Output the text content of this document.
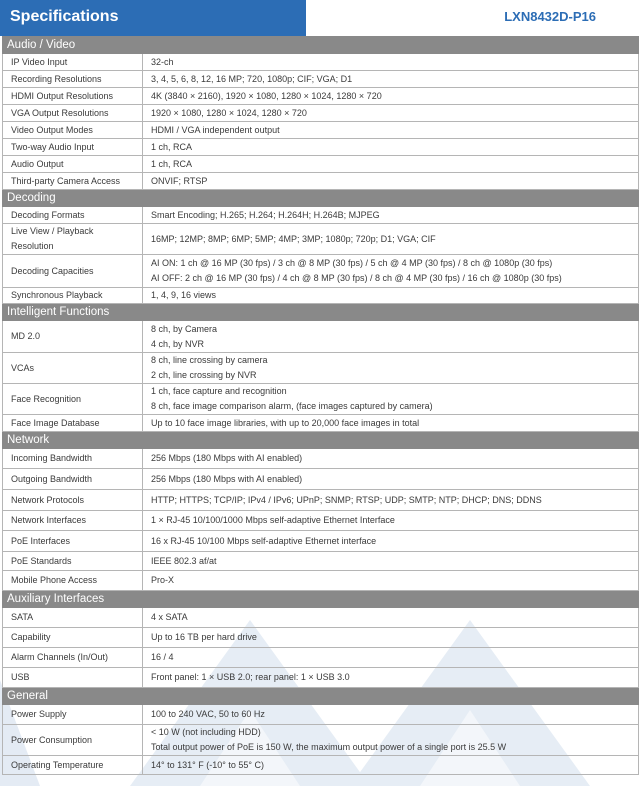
Specifications	LXN8432D-P16
Audio / Video	
IP Video Input	32-ch

Recording Resolutions	3, 4, 5, 6, 8, 12, 16 MP; 720, 1080p; CIF; VGA; D1

HDMI Output Resolutions	4K (3840 × 2160), 1920 × 1080, 1280 × 1024, 1280 × 720

VGA Output Resolutions	1920 × 1080, 1280 × 1024, 1280 × 720

Video Output Modes	HDMI / VGA independent output

Two-way Audio Input	1 ch, RCA

Audio Output	1 ch, RCA

Third-party Camera Access	ONVIF; RTSP

Decoding	
Decoding Formats	Smart Encoding; H.265; H.264; H.264H; H.264B; MJPEG

Live View / Playback Resolution	16MP; 12MP; 8MP; 6MP; 5MP; 4MP; 3MP; 1080p; 720p; D1; VGA; CIF

Decoding Capacities	AI ON: 1 ch @ 16 MP (30 fps) / 3 ch @ 8 MP (30 fps) / 5 ch @ 4 MP (30 fps) / 8 ch @ 1080p (30 fps)
AI OFF: 2 ch @ 16 MP (30 fps) / 4 ch @ 8 MP (30 fps) / 8 ch @ 4 MP (30 fps) / 16 ch @ 1080p (30 fps)

Synchronous Playback	1, 4, 9, 16 views

Intelligent Functions	
MD 2.0	8 ch, by Camera
4 ch, by NVR

VCAs	8 ch, line crossing by camera
2 ch, line crossing by NVR

Face Recognition	1 ch, face capture and recognition
8 ch, face image comparison alarm, (face images captured by camera)

Face Image Database	Up to 10 face image libraries, with up to 20,000 face images in total

Network	
Incoming Bandwidth	256 Mbps (180 Mbps with AI enabled)

Outgoing Bandwidth	256 Mbps (180 Mbps with AI enabled)

Network Protocols	HTTP; HTTPS; TCP/IP; IPv4 / IPv6; UPnP; SNMP; RTSP; UDP; SMTP; NTP; DHCP; DNS; DDNS

Network Interfaces	1 × RJ-45 10/100/1000 Mbps self-adaptive Ethernet Interface

PoE Interfaces	16 x RJ-45 10/100 Mbps self-adaptive Ethernet interface

PoE Standards	IEEE 802.3 af/at

Mobile Phone Access	Pro-X

Auxiliary Interfaces	
SATA	4 x SATA

Capability	Up to 16 TB per hard drive

Alarm Channels (In/Out)	16 / 4

USB	Front panel: 1 × USB 2.0; rear panel: 1 × USB 3.0

General	
Power Supply	100 to 240 VAC, 50 to 60 Hz

Power Consumption	< 10 W (not including HDD)
Total output power of PoE is 150 W, the maximum output power of a single port is 25.5 W

Operating Temperature	14° to 131° F (-10° to 55° C)
